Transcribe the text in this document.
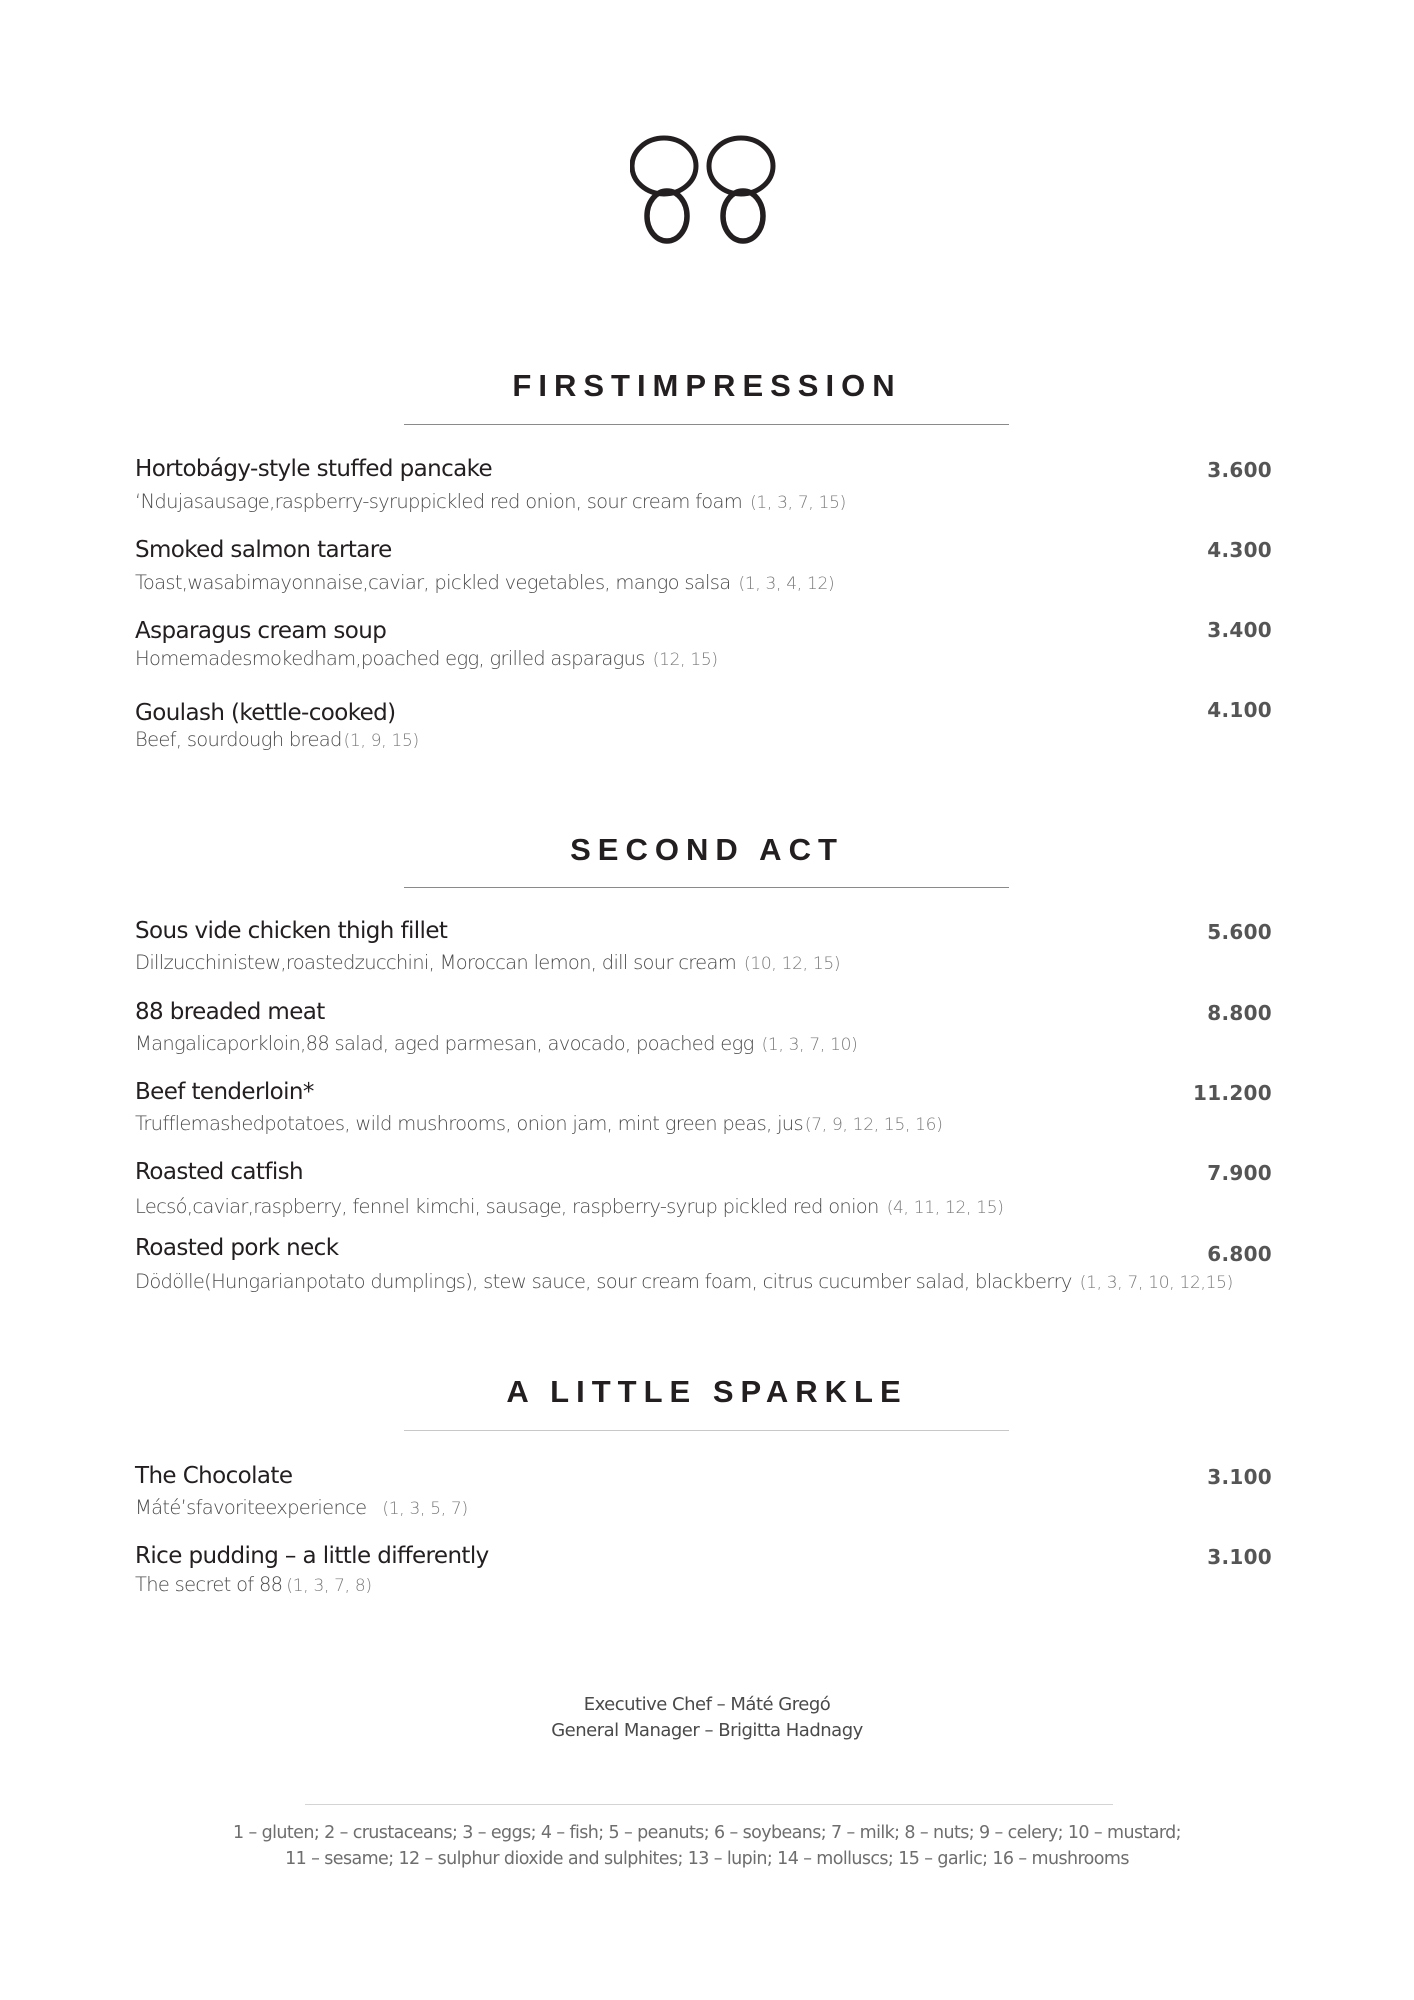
FIRSTIMPRESSION
Hortobágy-style stuffed pancake	3.600
‘Ndujasausage,raspberry-syruppickled red onion, sour cream foam (1, 3, 7, 15)
Smoked salmon tartare	4.300
Toast,wasabimayonnaise,caviar, pickled vegetables, mango salsa (1, 3, 4, 12)
Asparagus cream soup	3.400
Homemadesmokedham,poached egg, grilled asparagus (12, 15)
Goulash (kettle-cooked)	4.100
Beef, sourdough bread (1, 9, 15)
SECOND ACT
Sous vide chicken thigh fillet	5.600
Dillzucchinistew,roastedzucchini, Moroccan lemon, dill sour cream (10, 12, 15)
88 breaded meat	8.800
Mangalicaporkloin,88 salad, aged parmesan, avocado, poached egg (1, 3, 7, 10)
Beef tenderloin*	11.200
Trufflemashedpotatoes, wild mushrooms, onion jam, mint green peas, jus (7, 9, 12, 15, 16)
Roasted catfish	7.900
Lecsó,caviar,raspberry, fennel kimchi, sausage, raspberry-syrup pickled red onion (4, 11, 12, 15)
Roasted pork neck	6.800
Dödölle(Hungarianpotato dumplings), stew sauce, sour cream foam, citrus cucumber salad, blackberry (1, 3, 7, 10, 12,15)
A LITTLE SPARKLE
The Chocolate	3.100
Máté’sfavoriteexperience (1, 3, 5, 7)
Rice pudding – a little differently	3.100
The secret of 88 (1, 3, 7, 8)
Executive Chef – Máté Gregó
General Manager – Brigitta Hadnagy
1 – gluten; 2 – crustaceans; 3 – eggs; 4 – fish; 5 – peanuts; 6 – soybeans; 7 – milk; 8 – nuts; 9 – celery; 10 – mustard;
11 – sesame; 12 – sulphur dioxide and sulphites; 13 – lupin; 14 – molluscs; 15 – garlic; 16 – mushrooms
